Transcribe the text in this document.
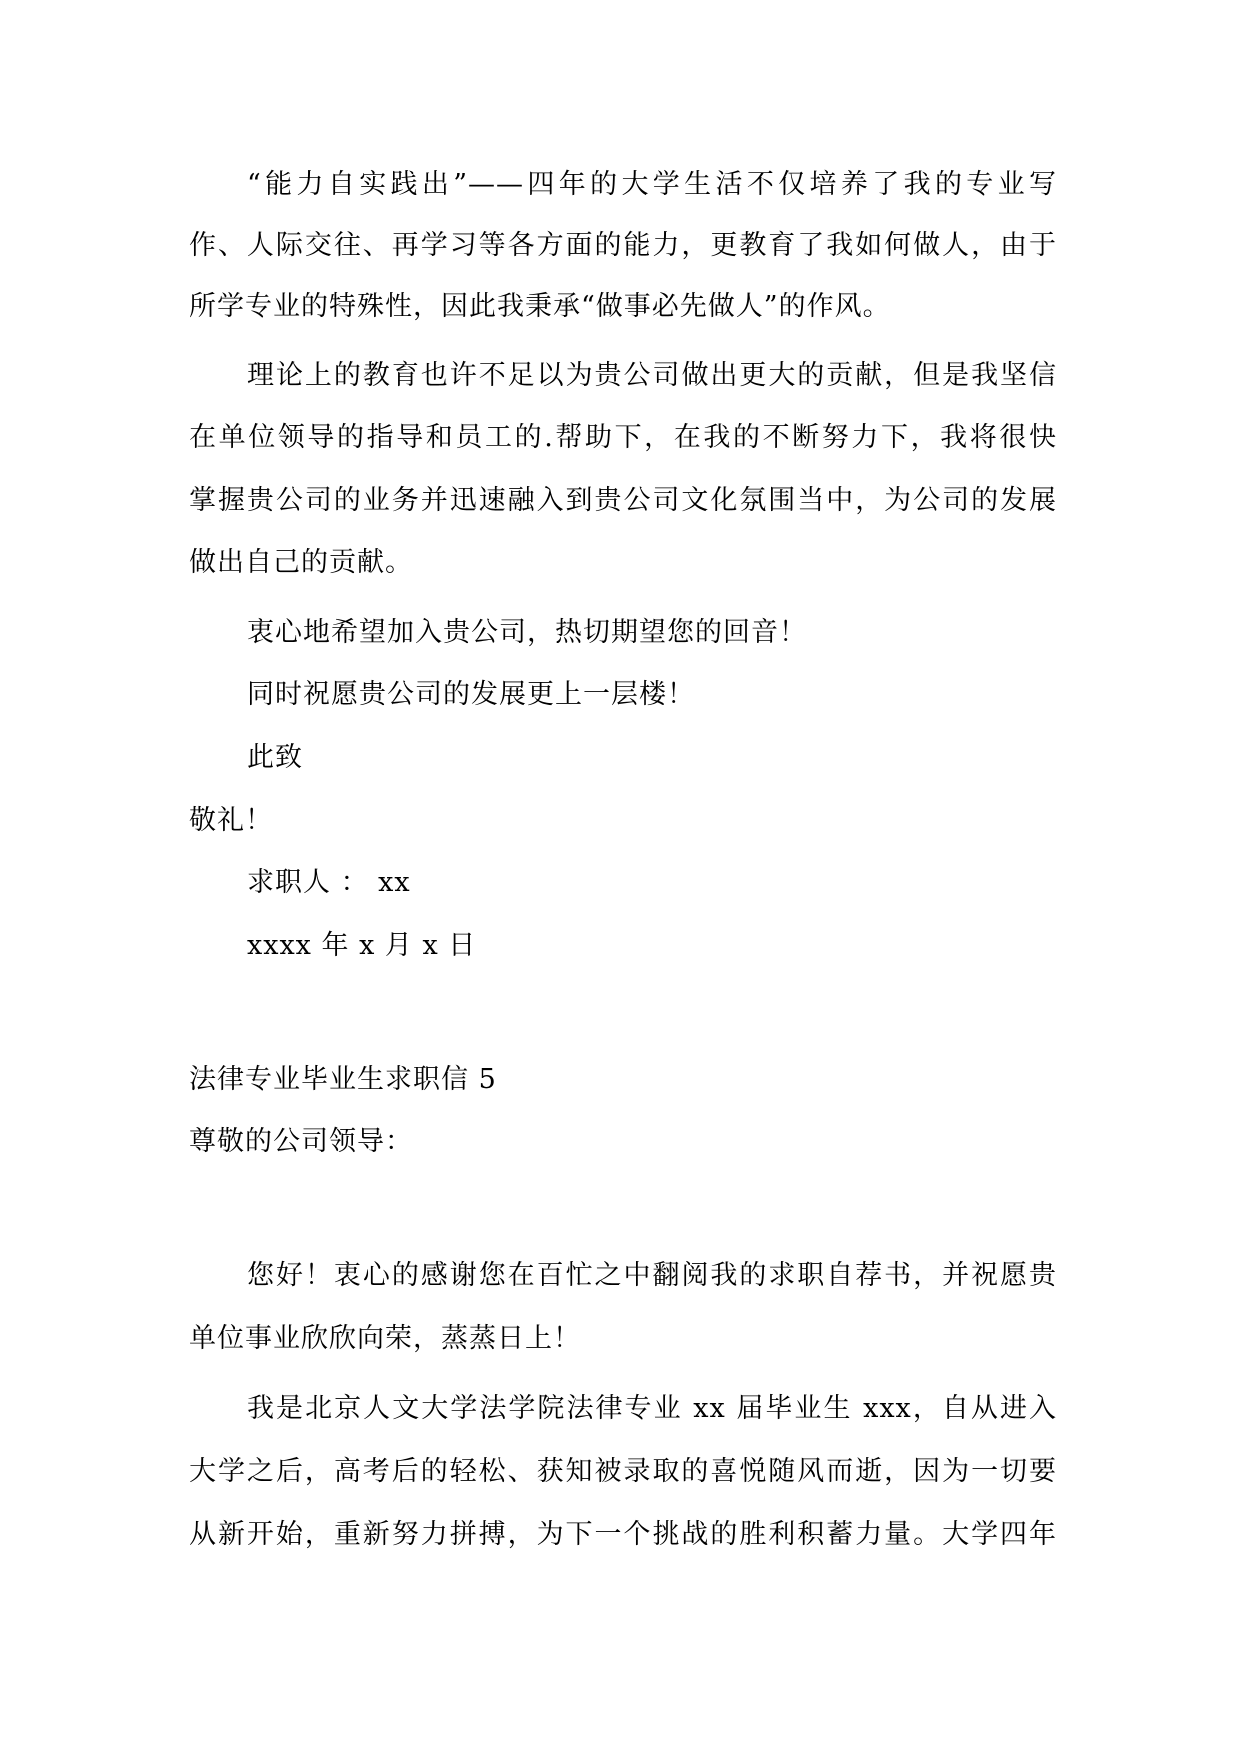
“能力自实践出”——四年的大学生活不仅培养了我的专业写
作、人际交往、再学习等各方面的能力，更教育了我如何做人，由于
所学专业的特殊性，因此我秉承“做事必先做人”的作风。
理论上的教育也许不足以为贵公司做出更大的贡献，但是我坚信
在单位领导的指导和员工的.帮助下，在我的不断努力下，我将很快
掌握贵公司的业务并迅速融入到贵公司文化氛围当中，为公司的发展
做出自己的贡献。
衷心地希望加入贵公司，热切期望您的回音！
同时祝愿贵公司的发展更上一层楼！
此致
敬礼！
求职人 ： xx
xxxx 年 x 月 x 日
法律专业毕业生求职信 5
尊敬的公司领导：
您好！衷心的感谢您在百忙之中翻阅我的求职自荐书，并祝愿贵
单位事业欣欣向荣，蒸蒸日上！
我是北京人文大学法学院法律专业 xx 届毕业生 xxx，自从进入
大学之后，高考后的轻松、获知被录取的喜悦随风而逝，因为一切要
从新开始，重新努力拼搏，为下一个挑战的胜利积蓄力量。大学四年
